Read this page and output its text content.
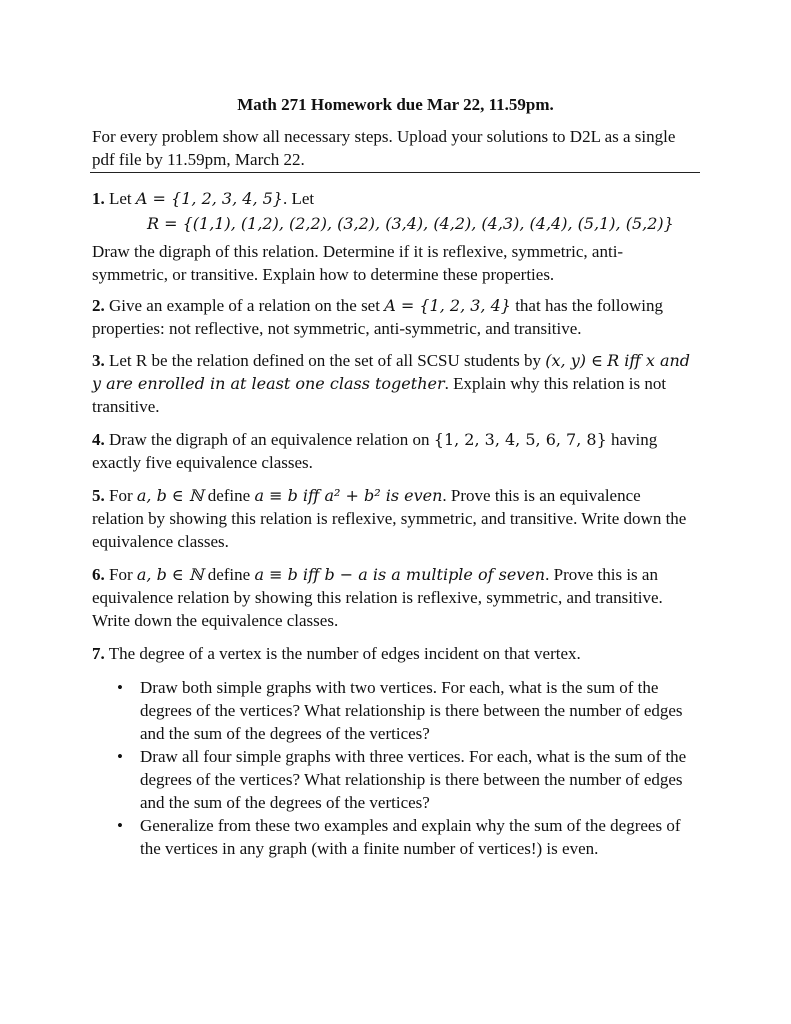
Math 271 Homework due Mar 22, 11.59pm.
For every problem show all necessary steps. Upload your solutions to D2L as a single pdf file by 11.59pm, March 22.
1. Let A = {1, 2, 3, 4, 5}. Let
R = {(1,1), (1,2), (2,2), (3,2), (3,4), (4,2), (4,3), (4,4), (5,1), (5,2)}
Draw the digraph of this relation. Determine if it is reflexive, symmetric, anti-symmetric, or transitive. Explain how to determine these properties.
2. Give an example of a relation on the set A = {1, 2, 3, 4} that has the following properties: not reflective, not symmetric, anti-symmetric, and transitive.
3. Let R be the relation defined on the set of all SCSU students by (x, y) ∈ R iff x and y are enrolled in at least one class together. Explain why this relation is not transitive.
4. Draw the digraph of an equivalence relation on {1, 2, 3, 4, 5, 6, 7, 8} having exactly five equivalence classes.
5. For a, b ∈ ℕ define a ≡ b iff a² + b² is even. Prove this is an equivalence relation by showing this relation is reflexive, symmetric, and transitive. Write down the equivalence classes.
6. For a, b ∈ ℕ define a ≡ b iff b − a is a multiple of seven. Prove this is an equivalence relation by showing this relation is reflexive, symmetric, and transitive. Write down the equivalence classes.
7. The degree of a vertex is the number of edges incident on that vertex.
• Draw both simple graphs with two vertices. For each, what is the sum of the degrees of the vertices? What relationship is there between the number of edges and the sum of the degrees of the vertices?
• Draw all four simple graphs with three vertices. For each, what is the sum of the degrees of the vertices? What relationship is there between the number of edges and the sum of the degrees of the vertices?
• Generalize from these two examples and explain why the sum of the degrees of the vertices in any graph (with a finite number of vertices!) is even.
